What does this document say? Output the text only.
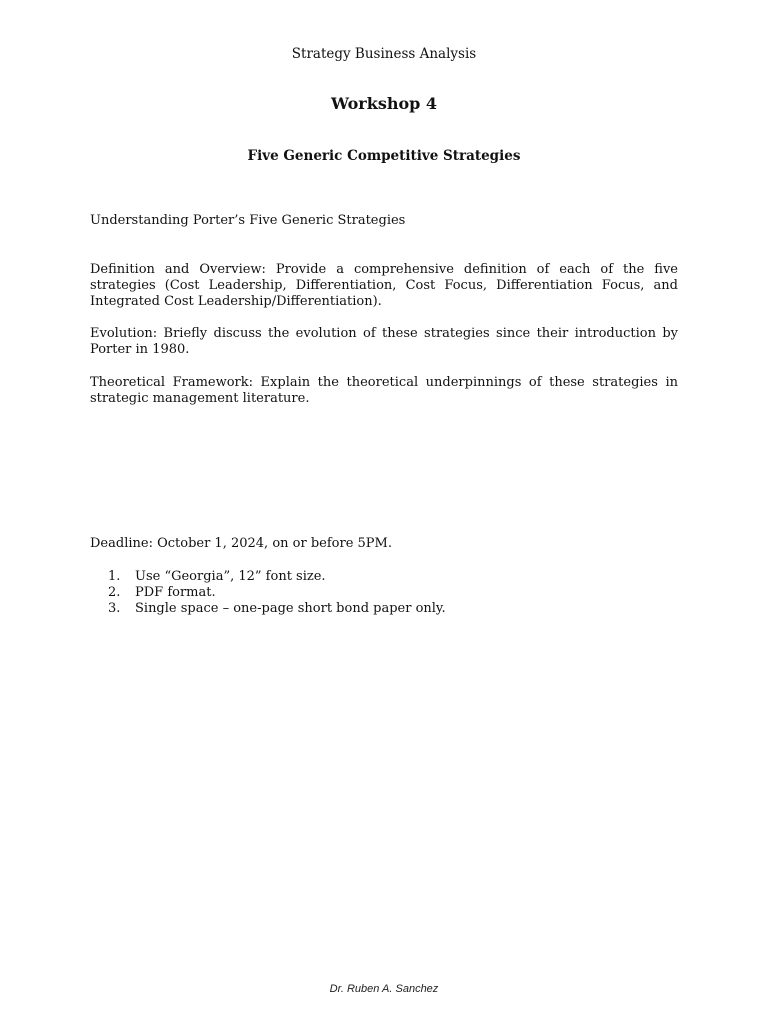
Strategy Business Analysis
Workshop 4
Five Generic Competitive Strategies
Understanding Porter’s Five Generic Strategies
Definition and Overview: Provide a comprehensive definition of each of the five strategies (Cost Leadership, Differentiation, Cost Focus, Differentiation Focus, and Integrated Cost Leadership/Differentiation).
Evolution: Briefly discuss the evolution of these strategies since their introduction by Porter in 1980.
Theoretical Framework: Explain the theoretical underpinnings of these strategies in strategic management literature.
Deadline: October 1, 2024, on or before 5PM.
1.	Use “Georgia”, 12” font size.
2.	PDF format.
3.	Single space – one-page short bond paper only.
Dr. Ruben A. Sanchez
